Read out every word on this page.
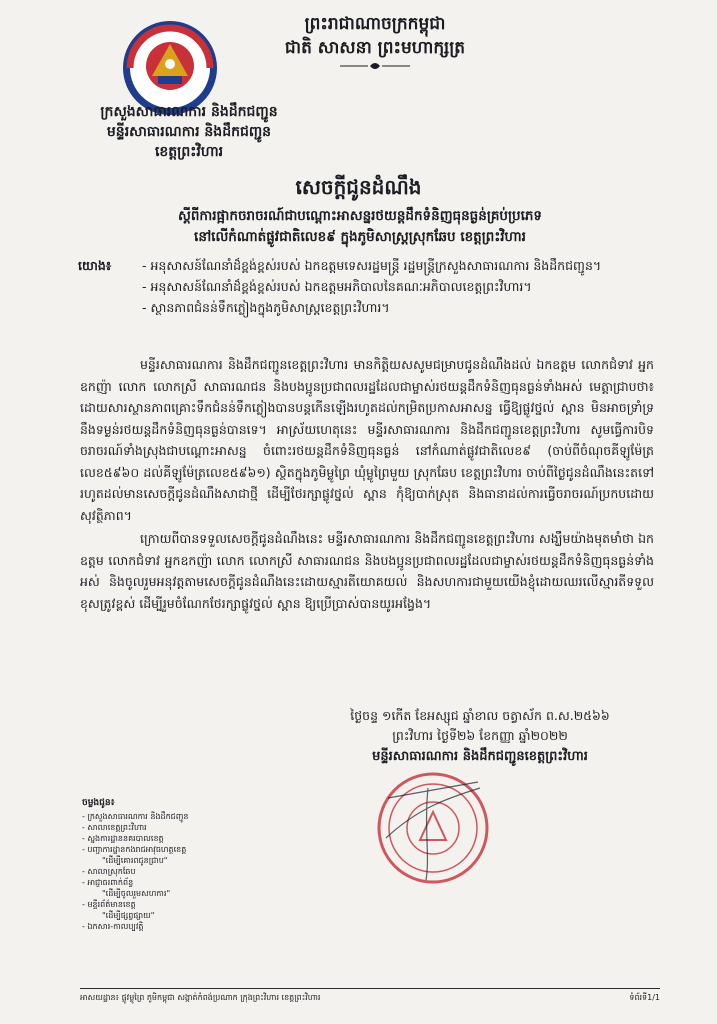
ព្រះរាជាណាចក្រកម្ពុជា
ជាតិ សាសនា ព្រះមហាក្សត្រ
ក្រសួងសាធារណការ និងដឹកជញ្ជូន
មន្ទីរសាធារណការ និងដឹកជញ្ជូន
ខេត្តព្រះវិហារ
សេចក្ដីជូនដំណឹង
ស្ដីពីការផ្អាកចរាចរណ៍ជាបណ្ដោះអាសន្នរថយន្តដឹកទំនិញធុនធ្ងន់គ្រប់ប្រភេទ
នៅលើកំណាត់ផ្លូវជាតិលេខ៩ ក្នុងភូមិសាស្ត្រស្រុកឆែប ខេត្តព្រះវិហារ
យោង៖
-	អនុសាសន៍ណែនាំដ៏ខ្ពង់ខ្ពស់របស់ ឯកឧត្តមទេសរដ្ឋមន្ត្រី រដ្ឋមន្ត្រីក្រសួងសាធារណការ និងដឹកជញ្ជូន។
- អនុសាសន៍ណែនាំដ៏ខ្ពង់ខ្ពស់របស់ ឯកឧត្តមអភិបាលនៃគណៈអភិបាលខេត្តព្រះវិហារ។
- ស្ថានភាពជំនន់ទឹកភ្លៀងក្នុងភូមិសាស្ត្រខេត្តព្រះវិហារ។

មន្ទីរសាធារណការ និងដឹកជញ្ជូនខេត្តព្រះវិហារ មានកិត្តិយសសូមជម្រាបជូនដំណឹងដល់ ឯកឧត្តម លោកជំទាវ អ្នកឧកញ៉ា លោក លោកស្រី សាធារណជន និងបងប្អូនប្រជាពលរដ្ឋដែលជាម្ចាស់រថយន្តដឹកទំនិញធុនធ្ងន់ទាំងអស់ មេត្តាជ្រាបថា៖ ដោយសារស្ថានភាពគ្រោះទឹកជំនន់ទឹកភ្លៀងបានបន្តកើនឡើងរហូតដល់កម្រិតប្រកាសអាសន្ន ធ្វើឱ្យផ្លូវថ្នល់ ស្ពាន មិនអាចទ្រាំទ្រនឹងទម្ងន់រថយន្តដឹកទំនិញធុនធ្ងន់បានទេ។ អាស្រ័យហេតុនេះ មន្ទីរសាធារណការ និងដឹកជញ្ជូនខេត្តព្រះវិហារ សូមធ្វើការបិទចរាចរណ៍ទាំងស្រុងជាបណ្ដោះអាសន្ន ចំពោះរថយន្តដឹកទំនិញធុនធ្ងន់ នៅកំណាត់ផ្លូវជាតិលេខ៩ (ចាប់ពីចំណុចគីឡូម៉ែត្រលេខ៥៩៦០ ដល់គីឡូម៉ែត្រលេខ៥៩៦១) ស្ថិតក្នុងភូមិម្លូព្រៃ ឃុំម្លូព្រៃមួយ ស្រុកឆែប ខេត្តព្រះវិហារ ចាប់ពីថ្ងៃជូនដំណឹងនេះតទៅ រហូតដល់មានសេចក្ដីជូនដំណឹងសាជាថ្មី ដើម្បីថែរក្សាផ្លូវថ្នល់ ស្ពាន កុំឱ្យបាក់ស្រុត និងធានាដល់ការធ្វើចរាចរណ៍ប្រកបដោយសុវត្ថិភាព។

ក្រោយពីបានទទួលសេចក្ដីជូនដំណឹងនេះ មន្ទីរសាធារណការ និងដឹកជញ្ជូនខេត្តព្រះវិហារ សង្ឃឹមយ៉ាងមុតមាំថា ឯកឧត្តម លោកជំទាវ អ្នកឧកញ៉ា លោក លោកស្រី សាធារណជន និងបងប្អូនប្រជាពលរដ្ឋដែលជាម្ចាស់រថយន្តដឹកទំនិញធុនធ្ងន់ទាំងអស់ និងចូលរួមអនុវត្តតាមសេចក្ដីជូនដំណឹងនេះដោយស្មារតីយោគយល់ និងសហការជាមួយយើងខ្ញុំដោយឈរលើស្មារតីទទួលខុសត្រូវខ្ពស់ ដើម្បីរួមចំណែកថែរក្សាផ្លូវថ្នល់ ស្ពាន ឱ្យប្រើប្រាស់បានយូរអង្វែង។

ថ្ងៃចន្ទ ១កើត ខែអស្សុជ ឆ្នាំខាល ចត្វាស័ក ព.ស.២៥៦៦
ព្រះវិហារ ថ្ងៃទី២៦ ខែកញ្ញា ឆ្នាំ២០២២
មន្ទីរសាធារណការ និងដឹកជញ្ជូនខេត្តព្រះវិហារ
ចម្លងជូន៖
- ក្រសួងសាធារណការ និងដឹកជញ្ជូន
- សាលាខេត្តព្រះវិហារ
- ស្នងការដ្ឋាននគរបាលខេត្ត
- បញ្ជាការដ្ឋានកងរាជអាវុធហត្ថខេត្ត
"ដើម្បីគោរពជូនជ្រាប"
- សាលាស្រុកឆែប
- អាជ្ញាធរពាក់ព័ន្ធ
"ដើម្បីចូលរួមសហការ"
- មន្ទីរព័ត៌មានខេត្ត
"ដើម្បីផ្សព្វផ្សាយ"
- ឯកសារ-កាលប្បវត្តិ
អាសយដ្ឋាន៖ ផ្លូវម្លូព្រៃ ភូមិកម្ពុជា សង្កាត់កំពង់ប្រណាក ក្រុងព្រះវិហារ ខេត្តព្រះវិហារ	ទំព័រទី1/1
